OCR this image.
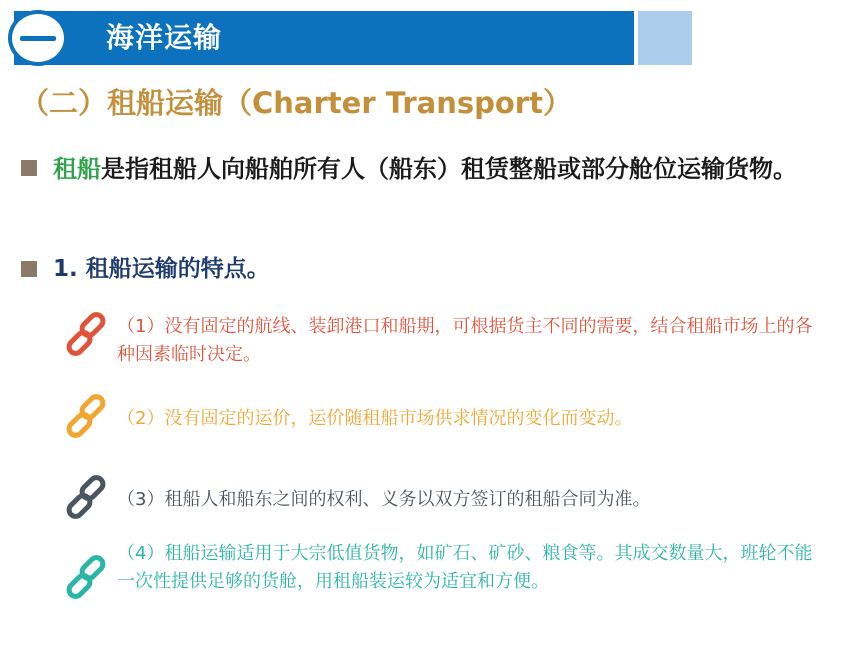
海洋运输
（二）租船运输（Charter Transport）
租船是指租船人向船舶所有人（船东）租赁整船或部分舱位运输货物。
1. 租船运输的特点。
（1）没有固定的航线、装卸港口和船期，可根据货主不同的需要，结合租船市场上的各种因素临时决定。
（2）没有固定的运价，运价随租船市场供求情况的变化而变动。
（3）租船人和船东之间的权利、义务以双方签订的租船合同为准。
（4）租船运输适用于大宗低值货物，如矿石、矿砂、粮食等。其成交数量大，班轮不能一次性提供足够的货舱，用租船装运较为适宜和方便。
